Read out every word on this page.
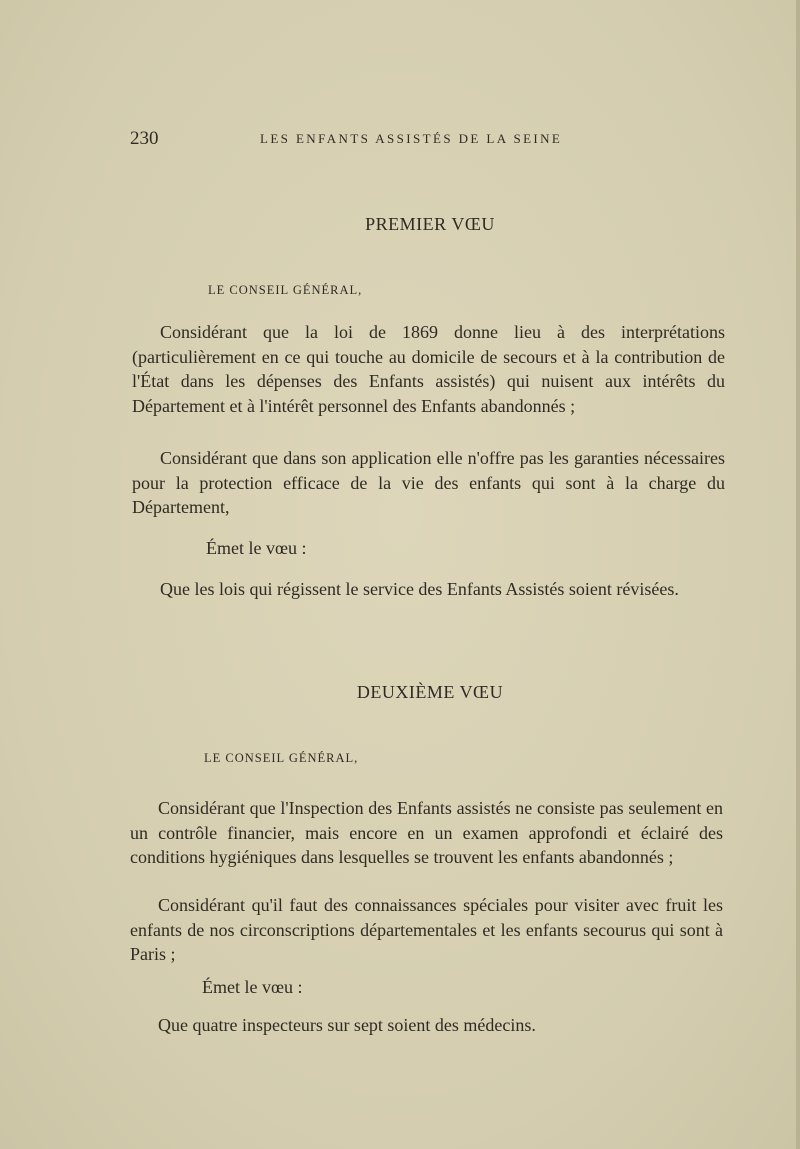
230	LES ENFANTS ASSISTÉS DE LA SEINE
PREMIER VŒU
LE CONSEIL GÉNÉRAL,

Considérant que la loi de 1869 donne lieu à des interprétations (particulièrement en ce qui touche au domicile de secours et à la contribution de l'État dans les dépenses des Enfants assistés) qui nuisent aux intérêts du Département et à l'intérêt personnel des Enfants abandonnés ;

Considérant que dans son application elle n'offre pas les garanties nécessaires pour la protection efficace de la vie des enfants qui sont à la charge du Département,

Émet le vœu :

Que les lois qui régissent le service des Enfants Assistés soient révisées.

DEUXIÈME VŒU
LE CONSEIL GÉNÉRAL,

Considérant que l'Inspection des Enfants assistés ne consiste pas seulement en un contrôle financier, mais encore en un examen approfondi et éclairé des conditions hygiéniques dans lesquelles se trouvent les enfants abandonnés ;

Considérant qu'il faut des connaissances spéciales pour visiter avec fruit les enfants de nos circonscriptions départementales et les enfants secourus qui sont à Paris ;

Émet le vœu :

Que quatre inspecteurs sur sept soient des médecins.
